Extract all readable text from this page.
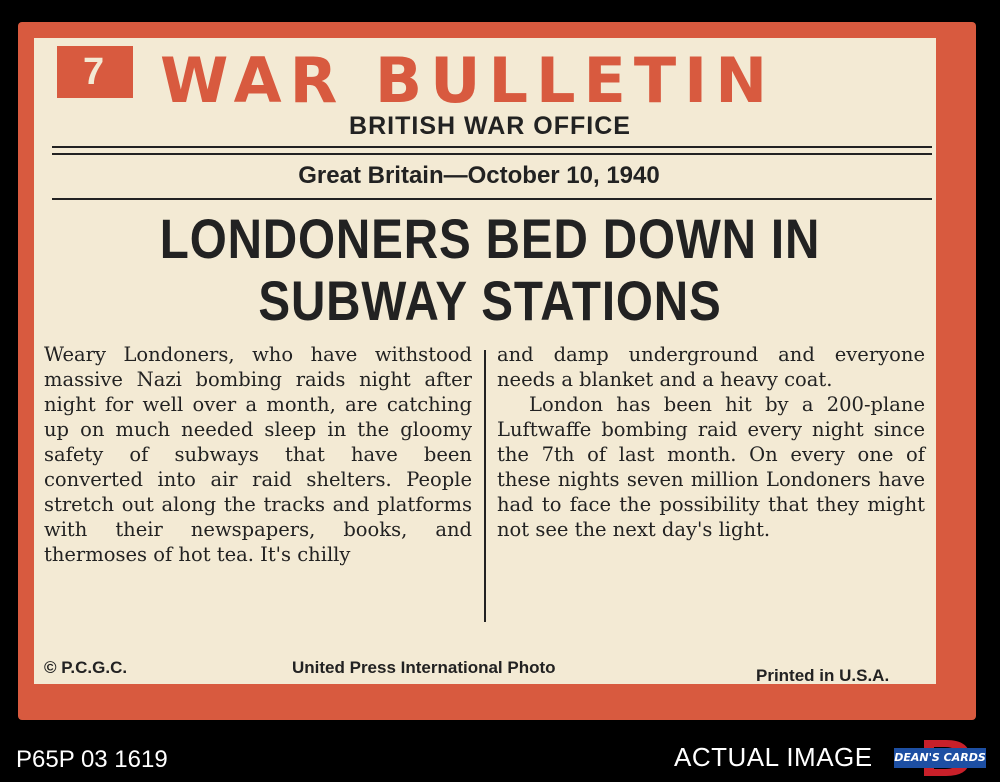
7 WAR BULLETIN
BRITISH WAR OFFICE
Great Britain—October 10, 1940
LONDONERS BED DOWN IN
SUBWAY STATIONS

Weary Londoners, who have withstood massive Nazi bombing raids night after night for well over a month, are catching up on much needed sleep in the gloomy safety of subways that have been converted into air raid shelters. People stretch out along the tracks and platforms with their newspapers, books, and thermoses of hot tea. It's chilly

and damp underground and everyone needs a blanket and a heavy coat.

London has been hit by a 200-plane Luftwaffe bombing raid every night since the 7th of last month. On every one of these nights seven million Londoners have had to face the possibility that they might not see the next day's light.

© P.C.G.C.	United Press International Photo	Printed in U.S.A.
P65P 03 1619	ACTUAL IMAGE DEAN'S CARDS
